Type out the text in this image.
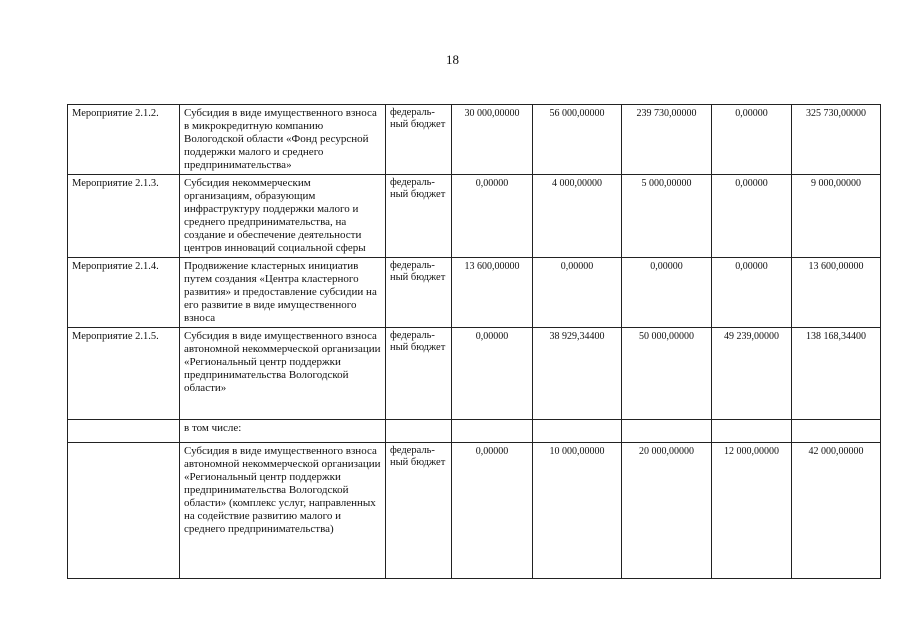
18
Мероприятие 2.1.2.	Субсидия в виде имущественного взноса в микрокредитную компанию Вологодской области «Фонд ресурсной поддержки малого и среднего предпринимательства»	федераль-ный бюджет	30 000,00000	56 000,00000	239 730,00000	0,00000	325 730,00000
Мероприятие 2.1.3.	Субсидия некоммерческим организациям, образующим инфраструктуру поддержки малого и среднего предпринимательства, на создание и обеспечение деятельности центров инноваций социальной сферы	федераль-ный бюджет	0,00000	4 000,00000	5 000,00000	0,00000	9 000,00000
Мероприятие 2.1.4.	Продвижение кластерных инициатив путем создания «Центра кластерного развития» и предоставление субсидии на его развитие в виде имущественного взноса	федераль-ный бюджет	13 600,00000	0,00000	0,00000	0,00000	13 600,00000
Мероприятие 2.1.5.	Субсидия в виде имущественного взноса автономной некоммерческой организации «Региональный центр поддержки предпринимательства Вологодской области»	федераль-ный бюджет	0,00000	38 929,34400	50 000,00000	49 239,00000	138 168,34400
	в том числе:						
	Субсидия в виде имущественного взноса автономной некоммерческой организации «Региональный центр поддержки предпринимательства Вологодской области» (комплекс услуг, направленных на содействие развитию малого и среднего предпринимательства)	федераль-ный бюджет	0,00000	10 000,00000	20 000,00000	12 000,00000	42 000,00000
